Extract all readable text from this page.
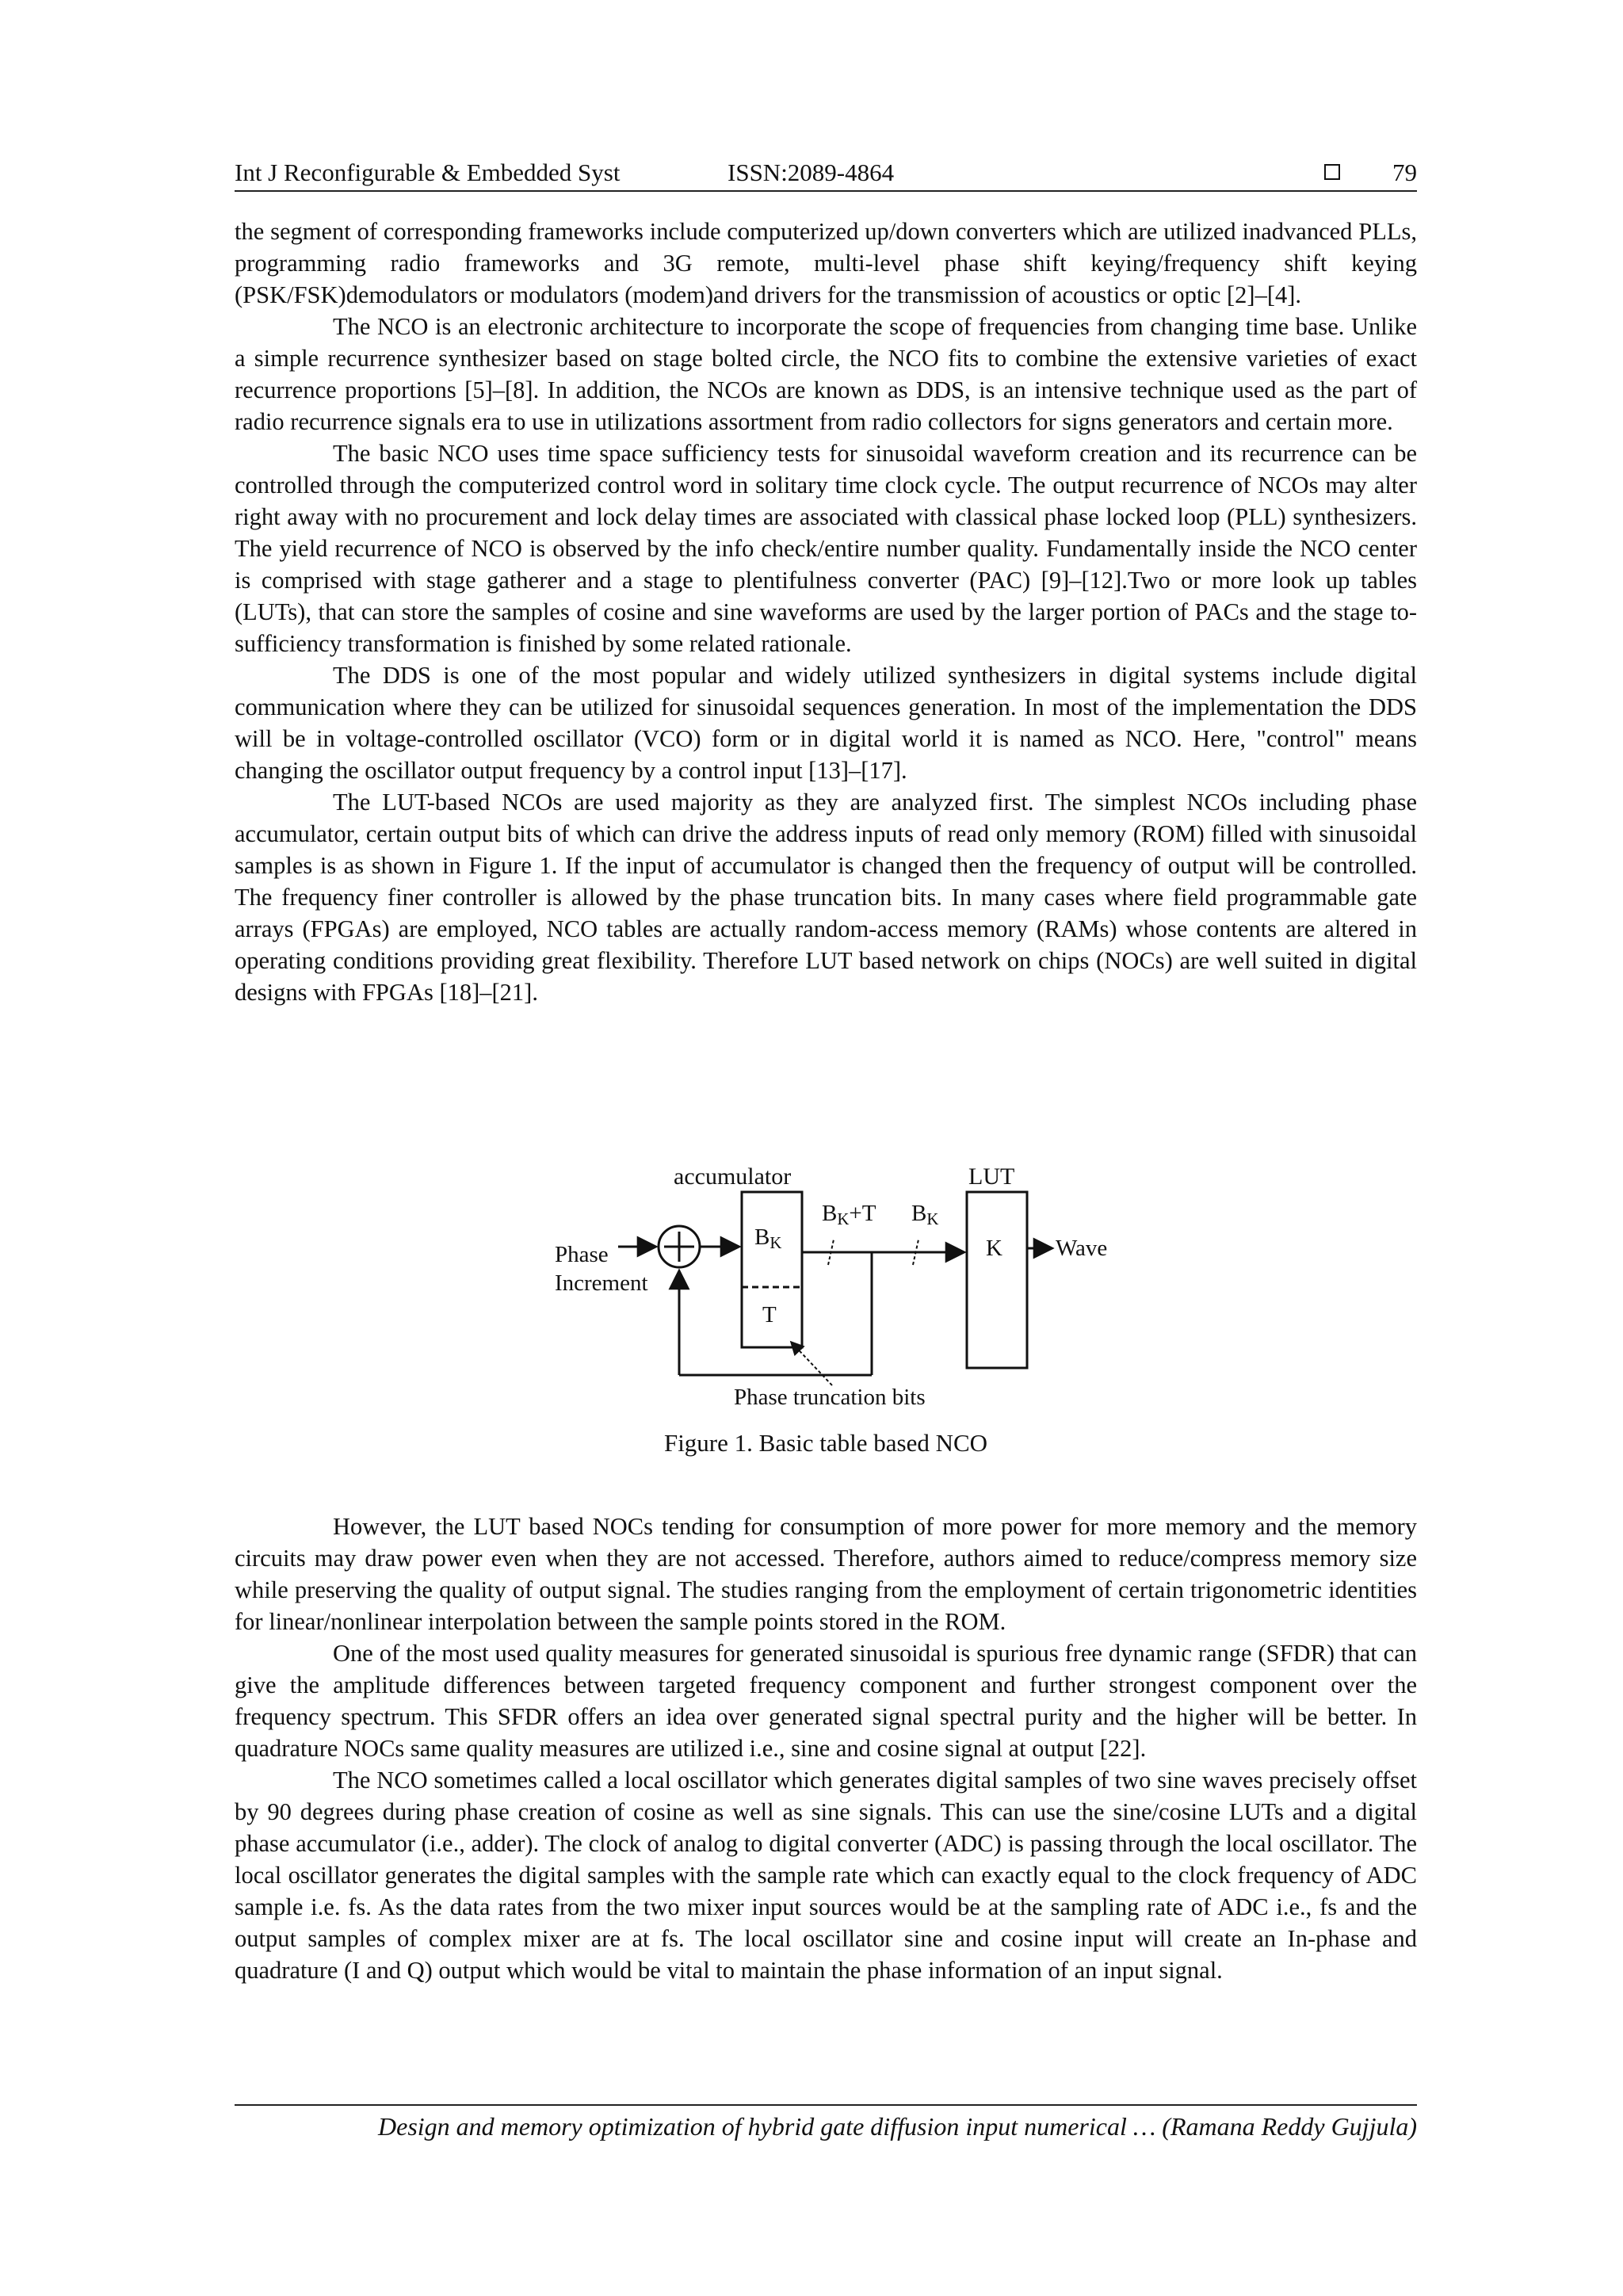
Int J Reconfigurable & Embedded Syst	ISSN:2089-4864	79

the segment of corresponding frameworks include computerized up/down converters which are utilized inadvanced PLLs, programming radio frameworks and 3G remote, multi-level phase shift keying/frequency shift keying (PSK/FSK)demodulators or modulators (modem)and drivers for the transmission of acoustics or optic [2]–[4].

The NCO is an electronic architecture to incorporate the scope of frequencies from changing time base. Unlike a simple recurrence synthesizer based on stage bolted circle, the NCO fits to combine the extensive varieties of exact recurrence proportions [5]–[8]. In addition, the NCOs are known as DDS, is an intensive technique used as the part of radio recurrence signals era to use in utilizations assortment from radio collectors for signs generators and certain more.

The basic NCO uses time space sufficiency tests for sinusoidal waveform creation and its recurrence can be controlled through the computerized control word in solitary time clock cycle. The output recurrence of NCOs may alter right away with no procurement and lock delay times are associated with classical phase locked loop (PLL) synthesizers. The yield recurrence of NCO is observed by the info check/entire number quality. Fundamentally inside the NCO center is comprised with stage gatherer and a stage to plentifulness converter (PAC) [9]–[12].Two or more look up tables (LUTs), that can store the samples of cosine and sine waveforms are used by the larger portion of PACs and the stage to-sufficiency transformation is finished by some related rationale.

The DDS is one of the most popular and widely utilized synthesizers in digital systems include digital communication where they can be utilized for sinusoidal sequences generation. In most of the implementation the DDS will be in voltage-controlled oscillator (VCO) form or in digital world it is named as NCO. Here, "control" means changing the oscillator output frequency by a control input [13]–[17].

The LUT-based NCOs are used majority as they are analyzed first. The simplest NCOs including phase accumulator, certain output bits of which can drive the address inputs of read only memory (ROM) filled with sinusoidal samples is as shown in Figure 1. If the input of accumulator is changed then the frequency of output will be controlled. The frequency finer controller is allowed by the phase truncation bits. In many cases where field programmable gate arrays (FPGAs) are employed, NCO tables are actually random-access memory (RAMs) whose contents are altered in operating conditions providing great flexibility. Therefore LUT based network on chips (NOCs) are well suited in digital designs with FPGAs [18]–[21].

accumulator	LUT
BK+T BK
Phase
Increment
BK
T
K Wave
Phase truncation bits
Figure 1. Basic table based NCO

However, the LUT based NOCs tending for consumption of more power for more memory and the memory circuits may draw power even when they are not accessed. Therefore, authors aimed to reduce/compress memory size while preserving the quality of output signal. The studies ranging from the employment of certain trigonometric identities for linear/nonlinear interpolation between the sample points stored in the ROM.

One of the most used quality measures for generated sinusoidal is spurious free dynamic range (SFDR) that can give the amplitude differences between targeted frequency component and further strongest component over the frequency spectrum. This SFDR offers an idea over generated signal spectral purity and the higher will be better. In quadrature NOCs same quality measures are utilized i.e., sine and cosine signal at output [22].

The NCO sometimes called a local oscillator which generates digital samples of two sine waves precisely offset by 90 degrees during phase creation of cosine as well as sine signals. This can use the sine/cosine LUTs and a digital phase accumulator (i.e., adder). The clock of analog to digital converter (ADC) is passing through the local oscillator. The local oscillator generates the digital samples with the sample rate which can exactly equal to the clock frequency of ADC sample i.e. fs. As the data rates from the two mixer input sources would be at the sampling rate of ADC i.e., fs and the output samples of complex mixer are at fs. The local oscillator sine and cosine input will create an In-phase and quadrature (I and Q) output which would be vital to maintain the phase information of an input signal.

Design and memory optimization of hybrid gate diffusion input numerical … (Ramana Reddy Gujjula)
